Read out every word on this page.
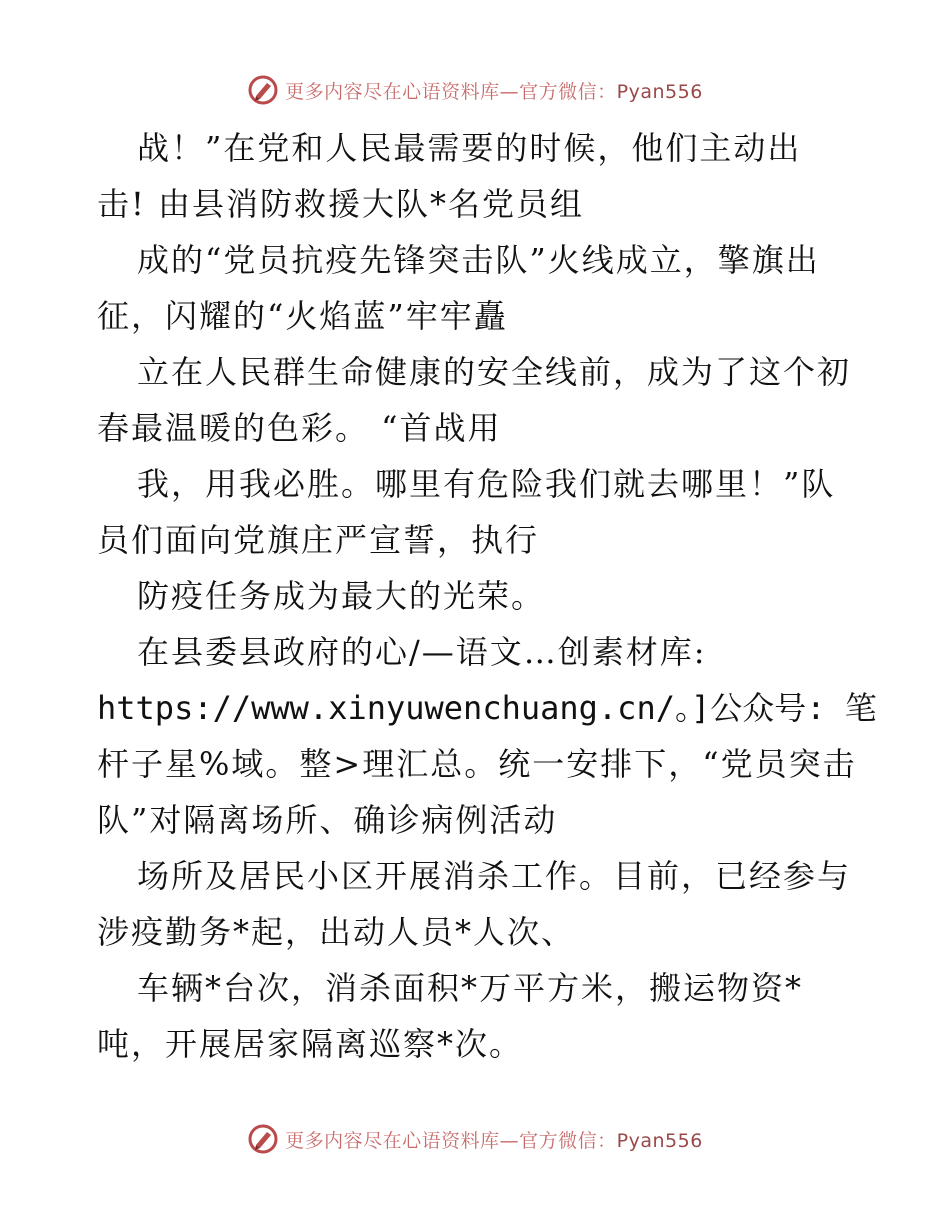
更多内容尽在心语资料库—官方微信：Pyan556
战！”在党和人民最需要的时候，他们主动出
击! 由县消防救援大队*名党员组
成的“党员抗疫先锋突击队”火线成立，擎旗出
征，闪耀的“火焰蓝”牢牢矗
立在人民群生命健康的安全线前，成为了这个初
春最温暖的色彩。 “首战用
我，用我必胜。哪里有危险我们就去哪里！”队
员们面向党旗庄严宣誓，执行
防疫任务成为最大的光荣。
在县委县政府的心/—语文…创素材库:
https://www.xinyuwenchuang.cn/。]公众号: 笔
杆子星%域。整>理汇总。统一安排下，“党员突击
队”对隔离场所、确诊病例活动
场所及居民小区开展消杀工作。目前，已经参与
涉疫勤务*起，出动人员*人次、
车辆*台次，消杀面积*万平方米，搬运物资*
吨，开展居家隔离巡察*次。
更多内容尽在心语资料库—官方微信：Pyan556
